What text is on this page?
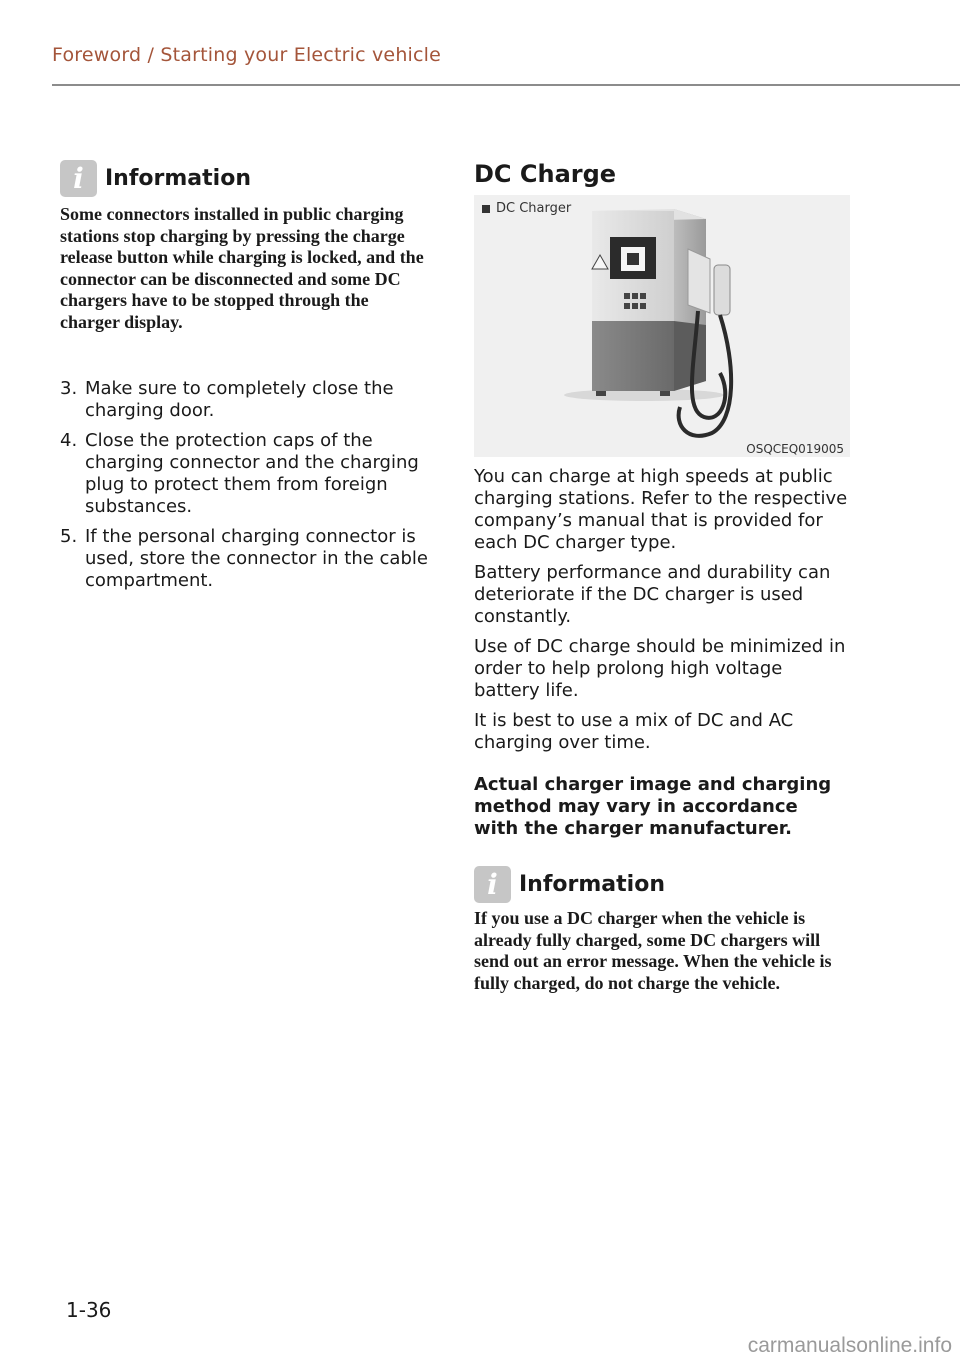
Foreword / Starting your Electric vehicle
i Information
Some connectors installed in public charging stations stop charging by pressing the charge release button while charging is locked, and the connector can be disconnected and some DC chargers have to be stopped through the charger display.
3. Make sure to completely close the charging door.
4. Close the protection caps of the charging connector and the charging plug to protect them from foreign substances.
5. If the personal charging connector is used, store the connector in the cable compartment.
DC Charge
DC Charger
OSQCEQ019005

You can charge at high speeds at public charging stations. Refer to the respective company’s manual that is provided for each DC charger type.

Battery performance and durability can deteriorate if the DC charger is used constantly.

Use of DC charge should be minimized in order to help prolong high voltage battery life.

It is best to use a mix of DC and AC charging over time.

Actual charger image and charging method may vary in accordance with the charger manufacturer.
i Information
If you use a DC charger when the vehicle is already fully charged, some DC chargers will send out an error message. When the vehicle is fully charged, do not charge the vehicle.
1-36
carmanualsonline.info
